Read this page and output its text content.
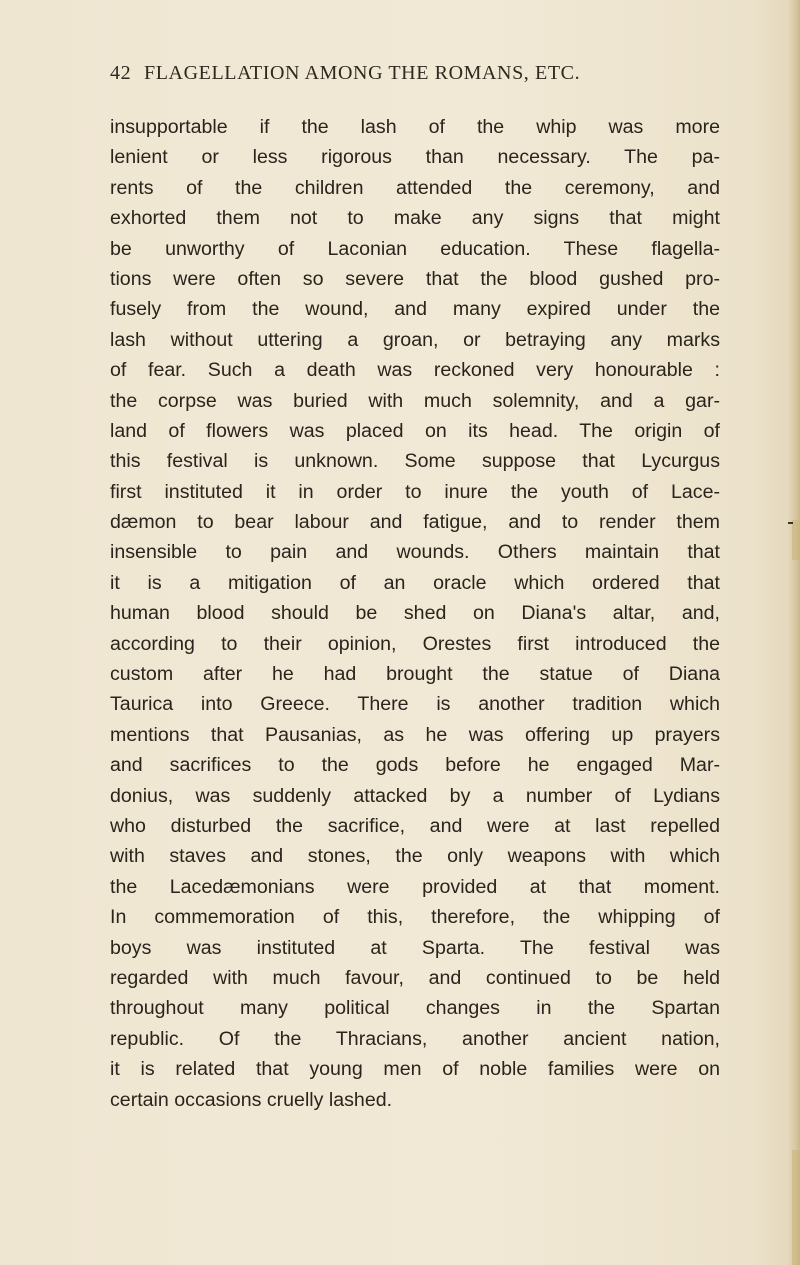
42 FLAGELLATION AMONG THE ROMANS, ETC.
insupportable if the lash of the whip was more
lenient or less rigorous than necessary. The pa-
rents of the children attended the ceremony, and
exhorted them not to make any signs that might
be unworthy of Laconian education. These flagella-
tions were often so severe that the blood gushed pro-
fusely from the wound, and many expired under the
lash without uttering a groan, or betraying any marks
of fear. Such a death was reckoned very honourable :
the corpse was buried with much solemnity, and a gar-
land of flowers was placed on its head. The origin of
this festival is unknown. Some suppose that Lycurgus
first instituted it in order to inure the youth of Lace-
dæmon to bear labour and fatigue, and to render them
insensible to pain and wounds. Others maintain that
it is a mitigation of an oracle which ordered that
human blood should be shed on Diana's altar, and,
according to their opinion, Orestes first introduced the
custom after he had brought the statue of Diana
Taurica into Greece. There is another tradition which
mentions that Pausanias, as he was offering up prayers
and sacrifices to the gods before he engaged Mar-
donius, was suddenly attacked by a number of Lydians
who disturbed the sacrifice, and were at last repelled
with staves and stones, the only weapons with which
the Lacedæmonians were provided at that moment.
In commemoration of this, therefore, the whipping of
boys was instituted at Sparta. The festival was
regarded with much favour, and continued to be held
throughout many political changes in the Spartan
republic. Of the Thracians, another ancient nation,
it is related that young men of noble families were on
certain occasions cruelly lashed.
